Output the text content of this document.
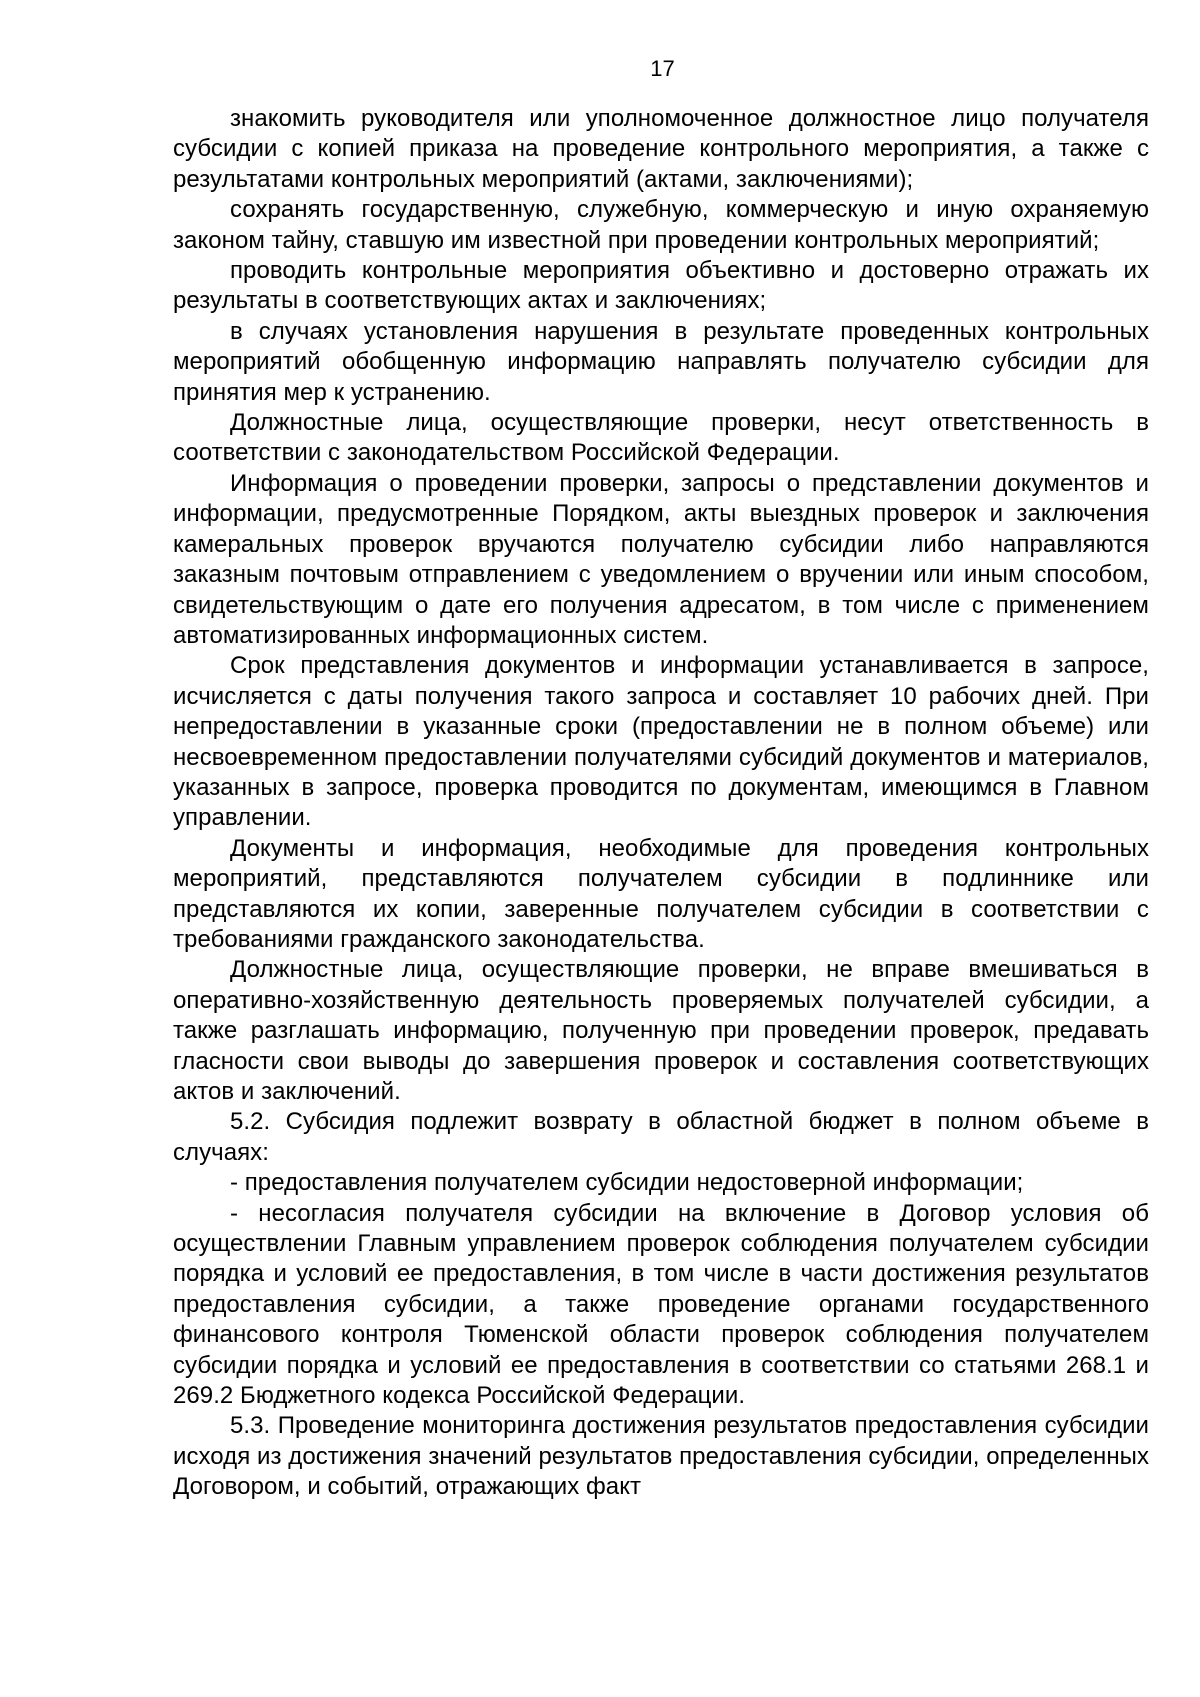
17

знакомить руководителя или уполномоченное должностное лицо получателя субсидии с копией приказа на проведение контрольного мероприятия, а также с результатами контрольных мероприятий (актами, заключениями);

сохранять государственную, служебную, коммерческую и иную охраняемую законом тайну, ставшую им известной при проведении контрольных мероприятий;

проводить контрольные мероприятия объективно и достоверно отражать их результаты в соответствующих актах и заключениях;

в случаях установления нарушения в результате проведенных контрольных мероприятий обобщенную информацию направлять получателю субсидии для принятия мер к устранению.

Должностные лица, осуществляющие проверки, несут ответственность в соответствии с законодательством Российской Федерации.

Информация о проведении проверки, запросы о представлении документов и информации, предусмотренные Порядком, акты выездных проверок и заключения камеральных проверок вручаются получателю субсидии либо направляются заказным почтовым отправлением с уведомлением о вручении или иным способом, свидетельствующим о дате его получения адресатом, в том числе с применением автоматизированных информационных систем.

Срок представления документов и информации устанавливается в запросе, исчисляется с даты получения такого запроса и составляет 10 рабочих дней. При непредоставлении в указанные сроки (предоставлении не в полном объеме) или несвоевременном предоставлении получателями субсидий документов и материалов, указанных в запросе, проверка проводится по документам, имеющимся в Главном управлении.

Документы и информация, необходимые для проведения контрольных мероприятий, представляются получателем субсидии в подлиннике или представляются их копии, заверенные получателем субсидии в соответствии с требованиями гражданского законодательства.

Должностные лица, осуществляющие проверки, не вправе вмешиваться в оперативно-хозяйственную деятельность проверяемых получателей субсидии, а также разглашать информацию, полученную при проведении проверок, предавать гласности свои выводы до завершения проверок и составления соответствующих актов и заключений.

5.2. Субсидия подлежит возврату в областной бюджет в полном объеме в случаях:

- предоставления получателем субсидии недостоверной информации;

- несогласия получателя субсидии на включение в Договор условия об осуществлении Главным управлением проверок соблюдения получателем субсидии порядка и условий ее предоставления, в том числе в части достижения результатов предоставления субсидии, а также проведение органами государственного финансового контроля Тюменской области проверок соблюдения получателем субсидии порядка и условий ее предоставления в соответствии со статьями 268.1 и 269.2 Бюджетного кодекса Российской Федерации.

5.3. Проведение мониторинга достижения результатов предоставления субсидии исходя из достижения значений результатов предоставления субсидии, определенных Договором, и событий, отражающих факт
